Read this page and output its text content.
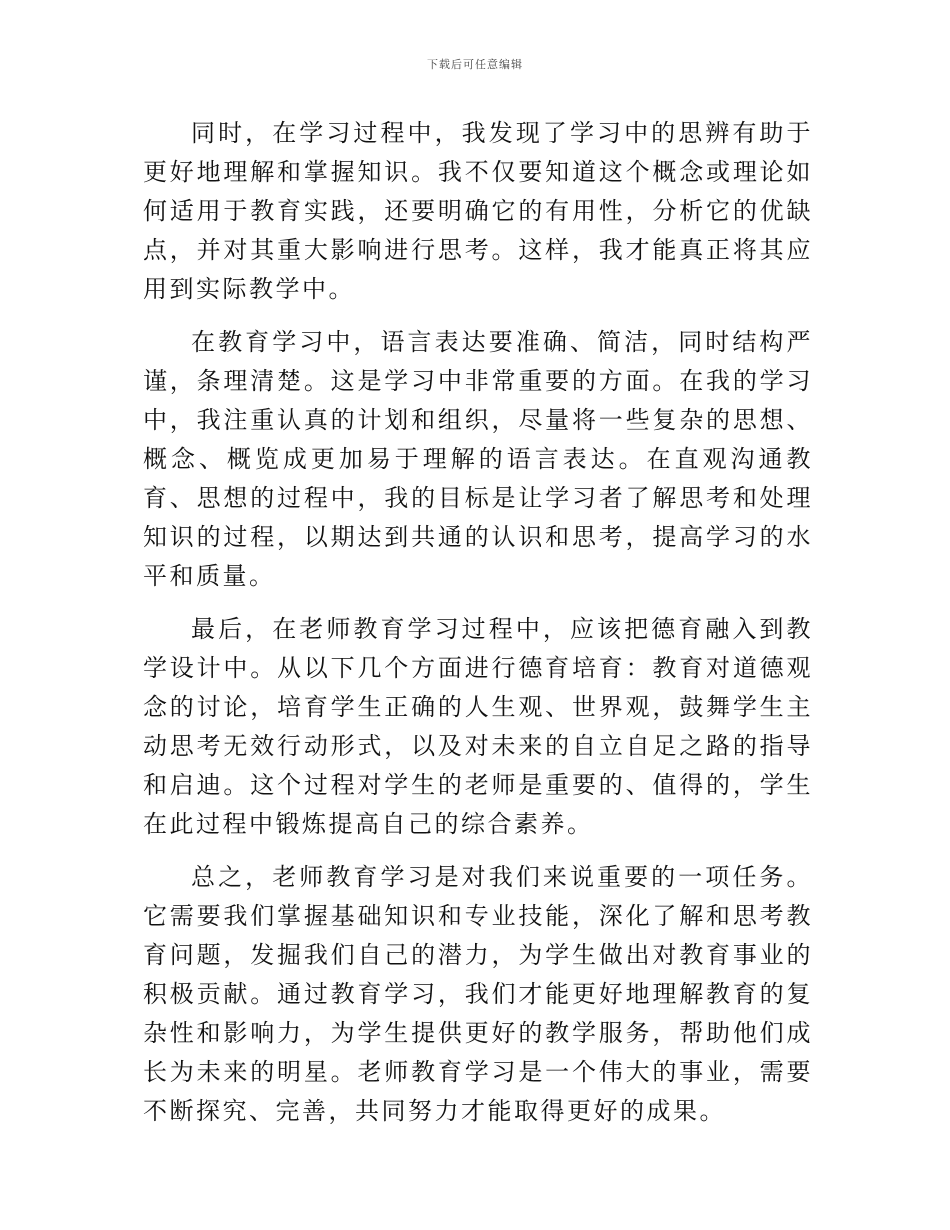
下载后可任意编辑

同时，在学习过程中，我发现了学习中的思辨有助于更好地理解和掌握知识。我不仅要知道这个概念或理论如何适用于教育实践，还要明确它的有用性，分析它的优缺点，并对其重大影响进行思考。这样，我才能真正将其应用到实际教学中。

在教育学习中，语言表达要准确、简洁，同时结构严谨，条理清楚。这是学习中非常重要的方面。在我的学习中，我注重认真的计划和组织，尽量将一些复杂的思想、概念、概览成更加易于理解的语言表达。在直观沟通教育、思想的过程中，我的目标是让学习者了解思考和处理知识的过程，以期达到共通的认识和思考，提高学习的水平和质量。

最后，在老师教育学习过程中，应该把德育融入到教学设计中。从以下几个方面进行德育培育：教育对道德观念的讨论，培育学生正确的人生观、世界观，鼓舞学生主动思考无效行动形式，以及对未来的自立自足之路的指导和启迪。这个过程对学生的老师是重要的、值得的，学生在此过程中锻炼提高自己的综合素养。

总之，老师教育学习是对我们来说重要的一项任务。它需要我们掌握基础知识和专业技能，深化了解和思考教育问题，发掘我们自己的潜力，为学生做出对教育事业的积极贡献。通过教育学习，我们才能更好地理解教育的复杂性和影响力，为学生提供更好的教学服务，帮助他们成长为未来的明星。老师教育学习是一个伟大的事业，需要不断探究、完善，共同努力才能取得更好的成果。
